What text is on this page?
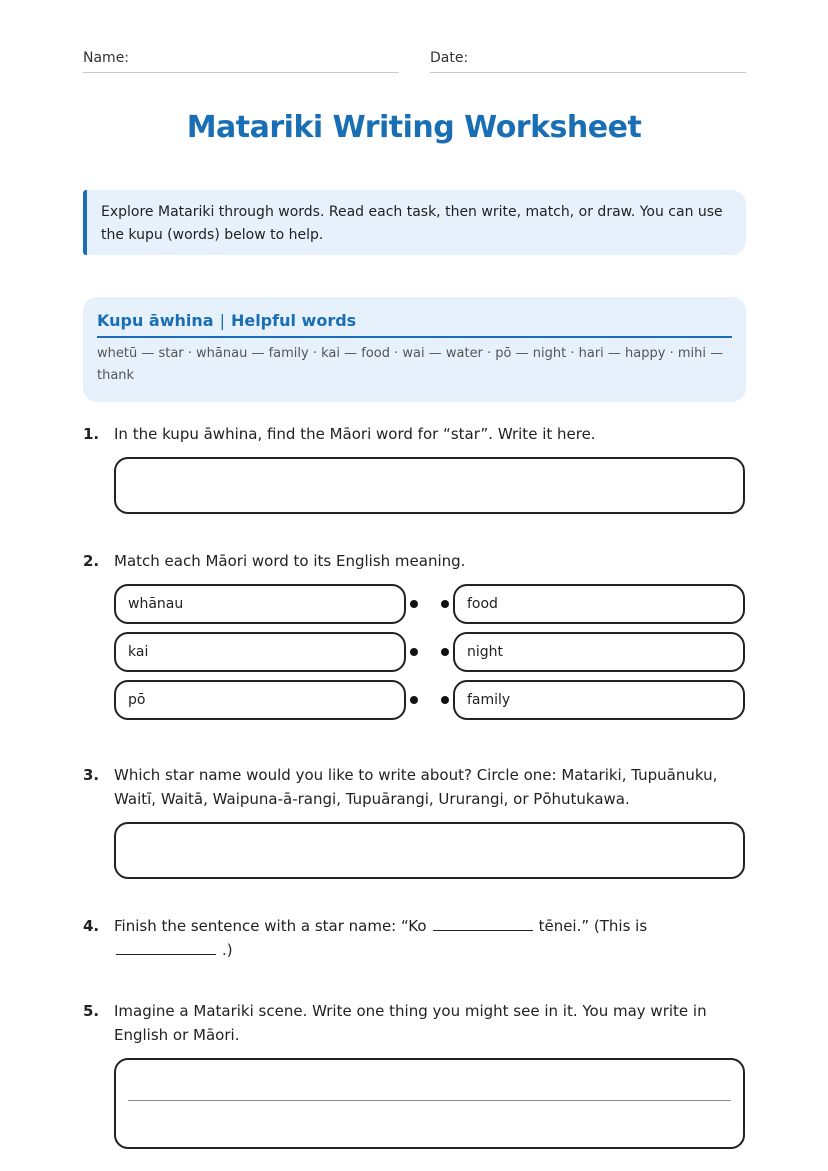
Name:	Date:
Matariki Writing Worksheet
Explore Matariki through words. Read each task, then write, match, or draw. You can use the kupu (words) below to help.
Kupu āwhina | Helpful words
whetū — star · whānau — family · kai — food · wai — water · pō — night · hari — happy · mihi — thank
1. In the kupu āwhina, find the Māori word for “star”. Write it here.
2. Match each Māori word to its English meaning.
whānau	food
kai	night
pō	family
3. Which star name would you like to write about? Circle one: Matariki, Tupuānuku, Waitī, Waitā, Waipuna-ā-rangi, Tupuārangi, Ururangi, or Pōhutukawa.
4. Finish the sentence with a star name: “Ko	tēnei.” (This is
.)
5. Imagine a Matariki scene. Write one thing you might see in it. You may write in English or Māori.
